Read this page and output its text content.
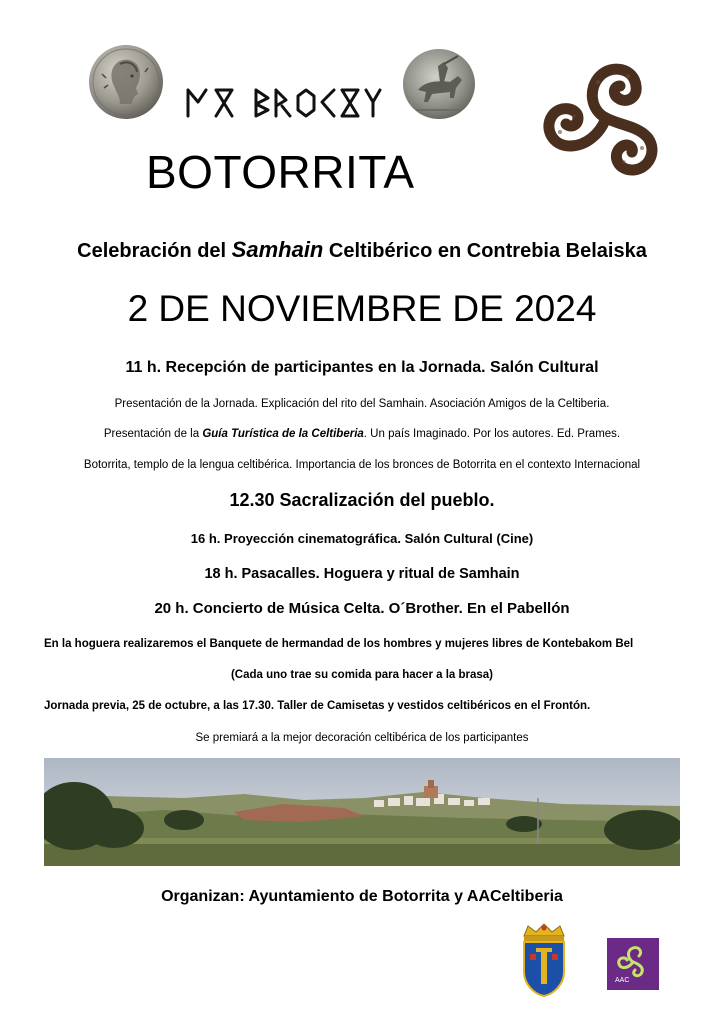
BOTORRITA
Celebración del Samhain Celtibérico en Contrebia Belaiska
2 DE NOVIEMBRE DE 2024
11 h. Recepción de participantes en la Jornada. Salón Cultural
Presentación de la Jornada. Explicación del rito del Samhain. Asociación Amigos de la Celtiberia.
Presentación de la Guía Turística de la Celtiberia. Un país Imaginado. Por los autores. Ed. Prames.
Botorrita, templo de la lengua celtibérica. Importancia de los bronces de Botorrita en el contexto Internacional
12.30 Sacralización del pueblo.
16 h. Proyección cinematográfica. Salón Cultural (Cine)
18 h. Pasacalles. Hoguera y ritual de Samhain
20 h. Concierto de Música Celta. O´Brother. En el Pabellón
En la hoguera realizaremos el Banquete de hermandad de los hombres y mujeres libres de Kontebakom Bel
(Cada uno trae su comida para hacer a la brasa)
Jornada previa, 25 de octubre, a las 17.30. Taller de Camisetas y vestidos celtibéricos en el Frontón.
Se premiará a la mejor decoración celtibérica de los participantes
Organizan: Ayuntamiento de Botorrita y AACeltiberia
AAC
